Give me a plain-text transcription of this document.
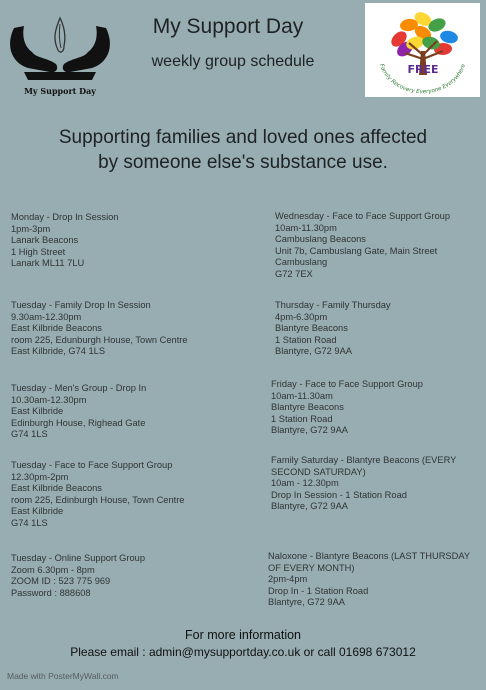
My Support Day
My Support Day
weekly group schedule	FREE
Family Recovery Everyone Everywhere
Supporting families and loved ones affected
by someone else's substance use.
Monday - Drop In Session
1pm-3pm
Lanark Beacons
1 High Street
Lanark ML11 7LU
Tuesday - Family Drop In Session
9.30am-12.30pm
East Kilbride Beacons
room 225, Edunburgh House, Town Centre
East Kilbride, G74 1LS
Tuesday - Men's Group - Drop In
10.30am-12.30pm
East Kilbride
Edinburgh House, Righead Gate
G74 1LS
Tuesday - Face to Face Support Group
12.30pm-2pm
East Kilbride Beacons
room 225, Edinburgh House, Town Centre
East Kilbride
G74 1LS
Tuesday - Online Support Group
Zoom 6.30pm - 8pm
ZOOM ID : 523 775 969
Password : 888608
Wednesday - Face to Face Support Group
10am-11.30pm
Cambuslang Beacons
Unit 7b, Cambuslang Gate, Main Street
Cambuslang
G72 7EX
Thursday - Family Thursday
4pm-6.30pm
Blantyre Beacons
1 Station Road
Blantyre, G72 9AA
Friday - Face to Face Support Group
10am-11.30am
Blantyre Beacons
1 Station Road
Blantyre, G72 9AA
Family Saturday - Blantyre Beacons (EVERY SECOND SATURDAY)
10am - 12.30pm
Drop In Session - 1 Station Road
Blantyre, G72 9AA
Naloxone - Blantyre Beacons (LAST THURSDAY OF EVERY MONTH)
2pm-4pm
Drop In - 1 Station Road
Blantyre, G72 9AA
For more information
Please email : admin@mysupportday.co.uk or call 01698 673012
Made with PosterMyWall.com
